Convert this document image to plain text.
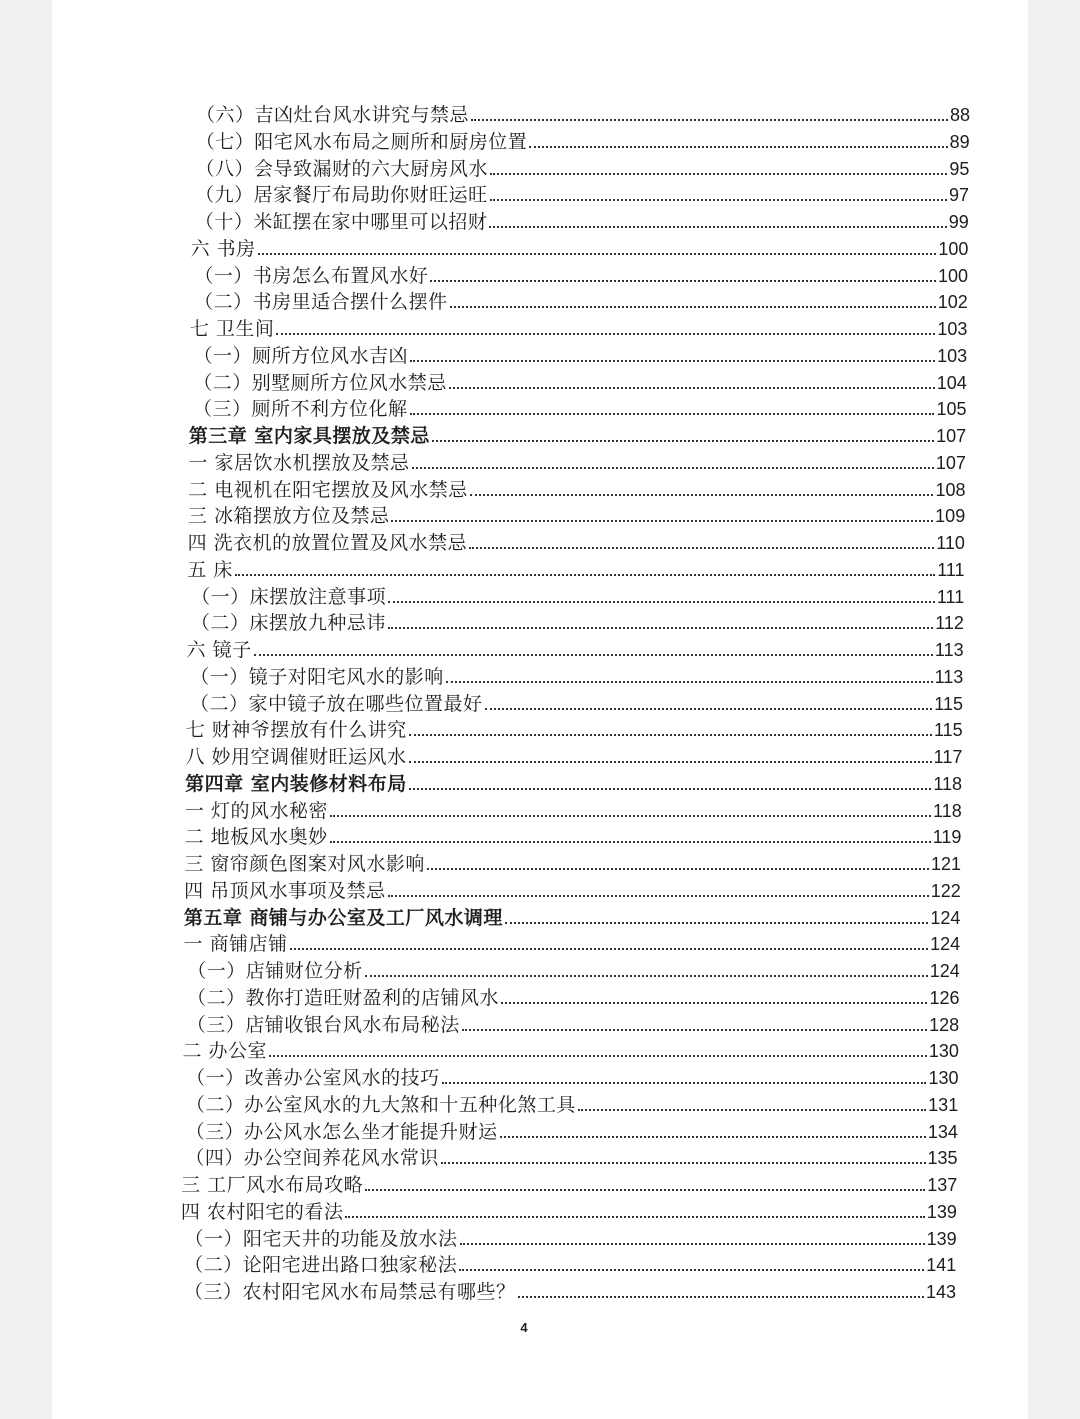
（六）吉凶灶台风水讲究与禁忌	88
（七）阳宅风水布局之厕所和厨房位置	89
（八）会导致漏财的六大厨房风水	95
（九）居家餐厅布局助你财旺运旺	97
（十）米缸摆在家中哪里可以招财	99
六 书房	100
（一）书房怎么布置风水好	100
（二）书房里适合摆什么摆件	102
七 卫生间	103
（一）厕所方位风水吉凶	103
（二）别墅厕所方位风水禁忌	104
（三）厕所不利方位化解	105
第三章 室内家具摆放及禁忌	107
一 家居饮水机摆放及禁忌	107
二 电视机在阳宅摆放及风水禁忌	108
三 冰箱摆放方位及禁忌	109
四 洗衣机的放置位置及风水禁忌	110
五 床	111
（一）床摆放注意事项	111
（二）床摆放九种忌讳	112
六 镜子	113
（一）镜子对阳宅风水的影响	113
（二）家中镜子放在哪些位置最好	115
七 财神爷摆放有什么讲究	115
八 妙用空调催财旺运风水	117
第四章 室内装修材料布局	118
一 灯的风水秘密	118
二 地板风水奥妙	119
三 窗帘颜色图案对风水影响	121
四 吊顶风水事项及禁忌	122
第五章 商铺与办公室及工厂风水调理	124
一 商铺店铺	124
（一）店铺财位分析	124
（二）教你打造旺财盈利的店铺风水	126
（三）店铺收银台风水布局秘法	128
二 办公室	130
（一）改善办公室风水的技巧	130
（二）办公室风水的九大煞和十五种化煞工具	131
（三）办公风水怎么坐才能提升财运	134
（四）办公空间养花风水常识	135
三 工厂风水布局攻略	137
四 农村阳宅的看法	139
（一）阳宅天井的功能及放水法	139
（二）论阳宅进出路口独家秘法	141
（三）农村阳宅风水布局禁忌有哪些？	143
4
